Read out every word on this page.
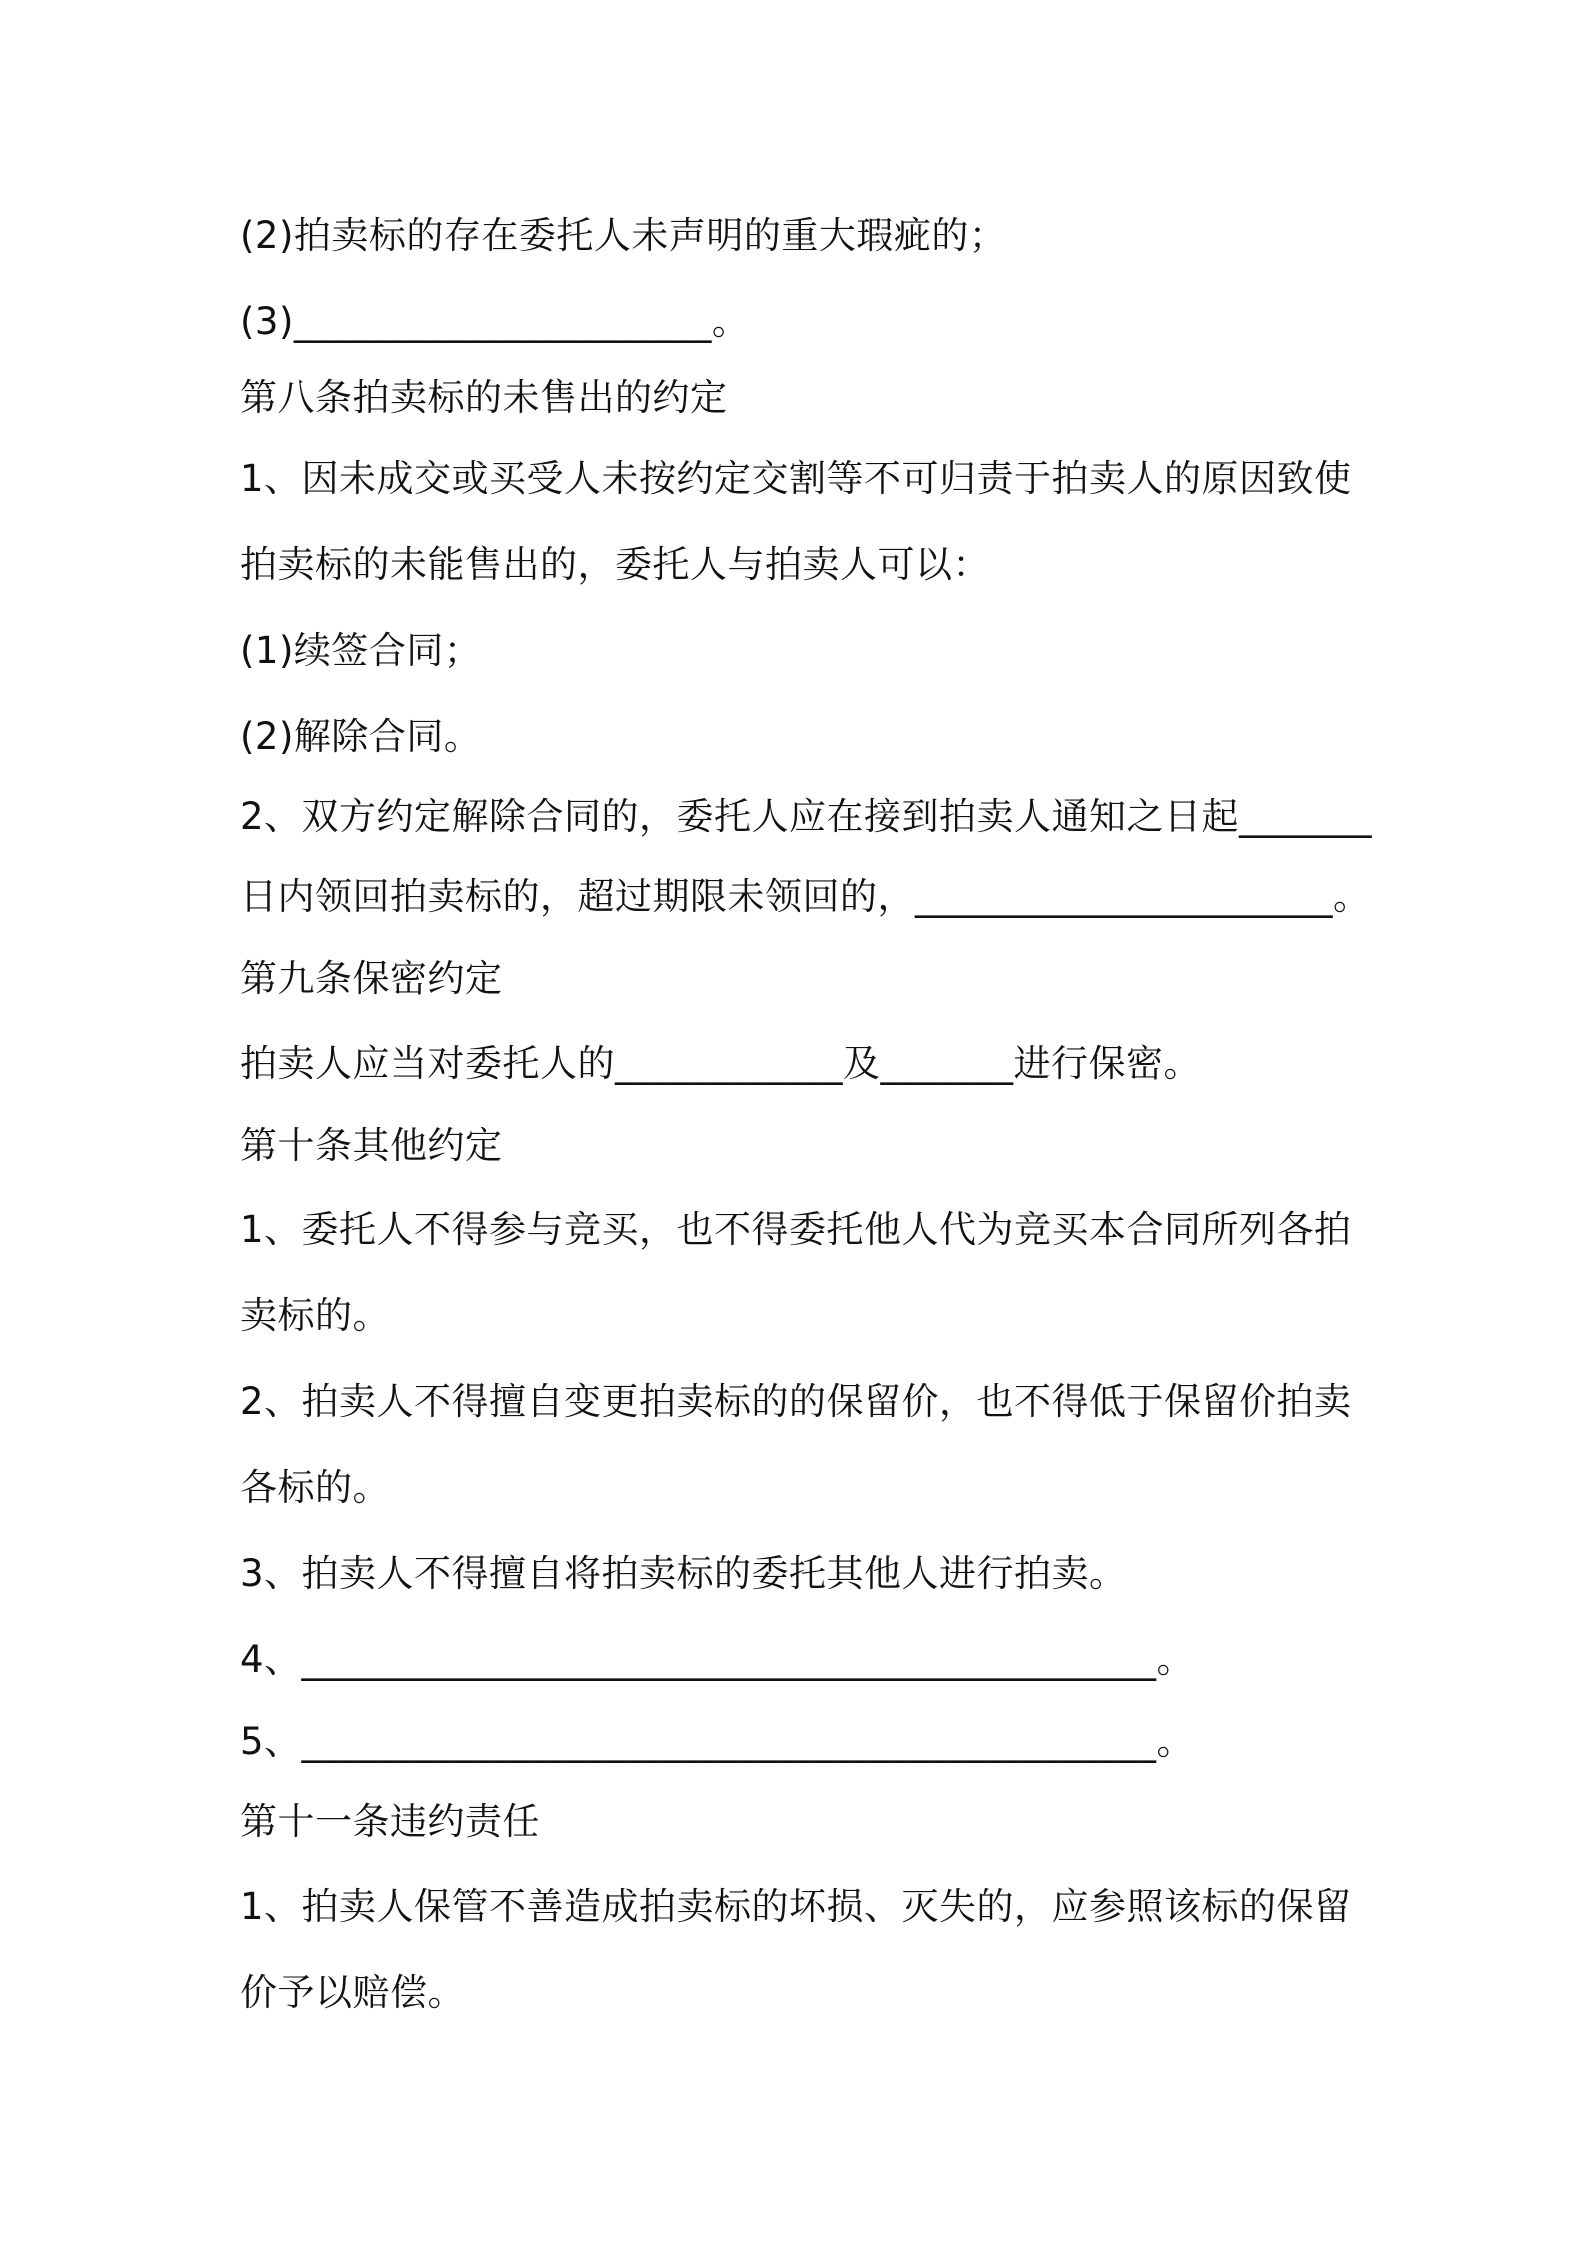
(2)拍卖标的存在委托人未声明的重大瑕疵的；
(3)______________________。
第八条拍卖标的未售出的约定
1、因未成交或买受人未按约定交割等不可归责于拍卖人的原因致使
拍卖标的未能售出的，委托人与拍卖人可以：
(1)续签合同；
(2)解除合同。
2、双方约定解除合同的，委托人应在接到拍卖人通知之日起_______
日内领回拍卖标的，超过期限未领回的，______________________。
第九条保密约定
拍卖人应当对委托人的____________及_______进行保密。
第十条其他约定
1、委托人不得参与竞买，也不得委托他人代为竞买本合同所列各拍
卖标的。
2、拍卖人不得擅自变更拍卖标的的保留价，也不得低于保留价拍卖
各标的。
3、拍卖人不得擅自将拍卖标的委托其他人进行拍卖。
4、_____________________________________________。
5、_____________________________________________。
第十一条违约责任
1、拍卖人保管不善造成拍卖标的坏损、灭失的，应参照该标的保留
价予以赔偿。
